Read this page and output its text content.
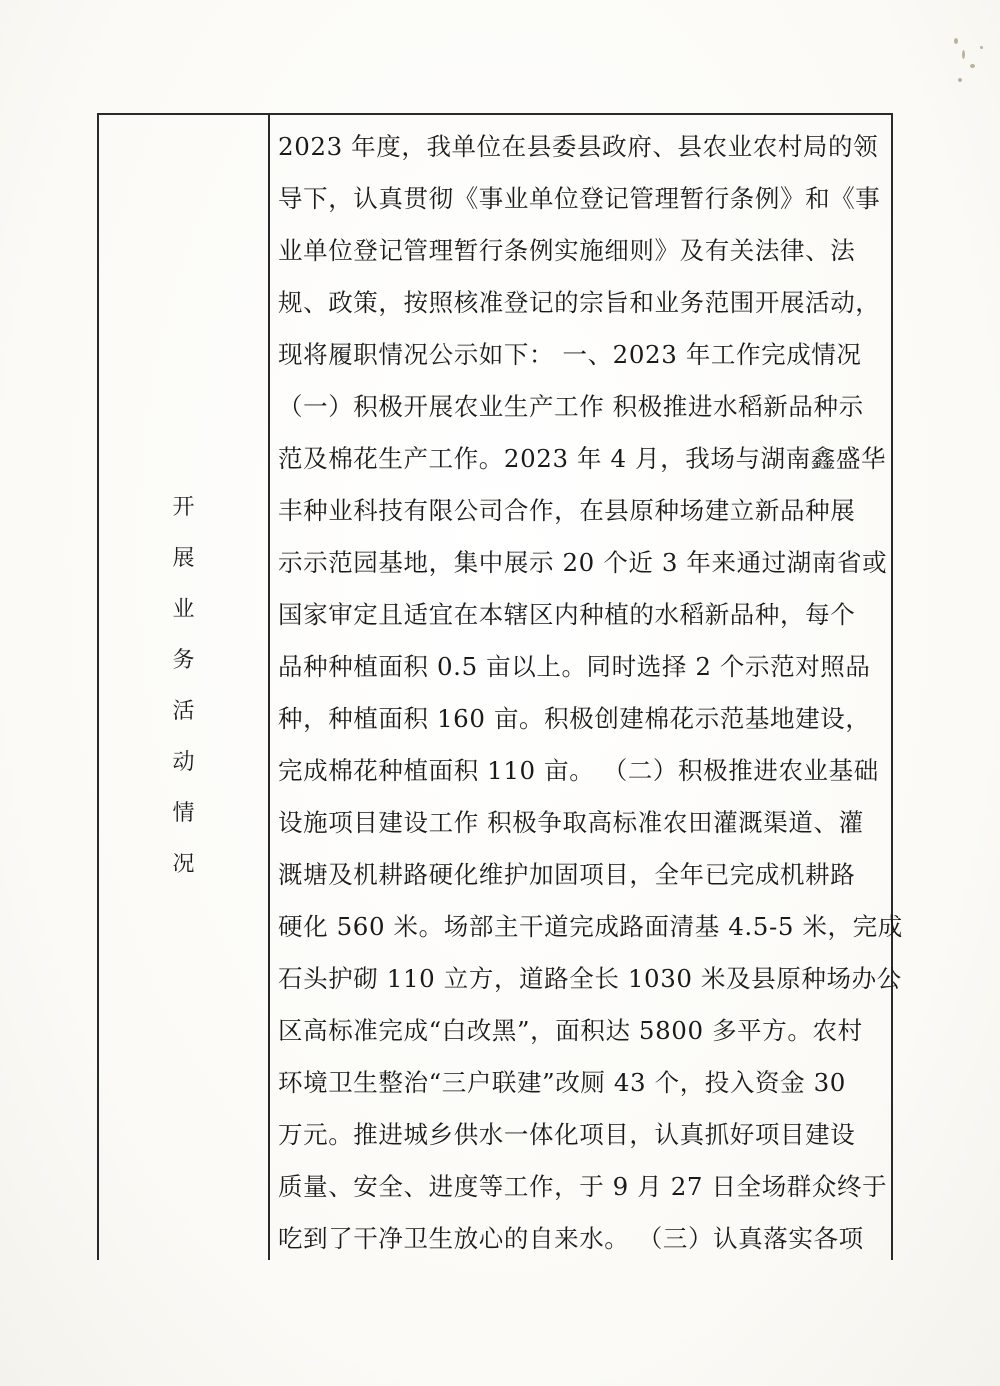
开
展
业
务
活
动
情
况
2023 年度，我单位在县委县政府、县农业农村局的领
导下，认真贯彻《事业单位登记管理暂行条例》和《事
业单位登记管理暂行条例实施细则》及有关法律、法
规、政策，按照核准登记的宗旨和业务范围开展活动，
现将履职情况公示如下： 一、2023 年工作完成情况
（一）积极开展农业生产工作 积极推进水稻新品种示
范及棉花生产工作。2023 年 4 月，我场与湖南鑫盛华
丰种业科技有限公司合作，在县原种场建立新品种展
示示范园基地，集中展示 20 个近 3 年来通过湖南省或
国家审定且适宜在本辖区内种植的水稻新品种，每个
品种种植面积 0.5 亩以上。同时选择 2 个示范对照品
种，种植面积 160 亩。积极创建棉花示范基地建设，
完成棉花种植面积 110 亩。 （二）积极推进农业基础
设施项目建设工作 积极争取高标准农田灌溉渠道、灌
溉塘及机耕路硬化维护加固项目，全年已完成机耕路
硬化 560 米。场部主干道完成路面清基 4.5-5 米，完成
石头护砌 110 立方，道路全长 1030 米及县原种场办公
区高标准完成“白改黑”，面积达 5800 多平方。农村
环境卫生整治“三户联建”改厕 43 个，投入资金 30
万元。推进城乡供水一体化项目，认真抓好项目建设
质量、安全、进度等工作，于 9 月 27 日全场群众终于
吃到了干净卫生放心的自来水。 （三）认真落实各项
